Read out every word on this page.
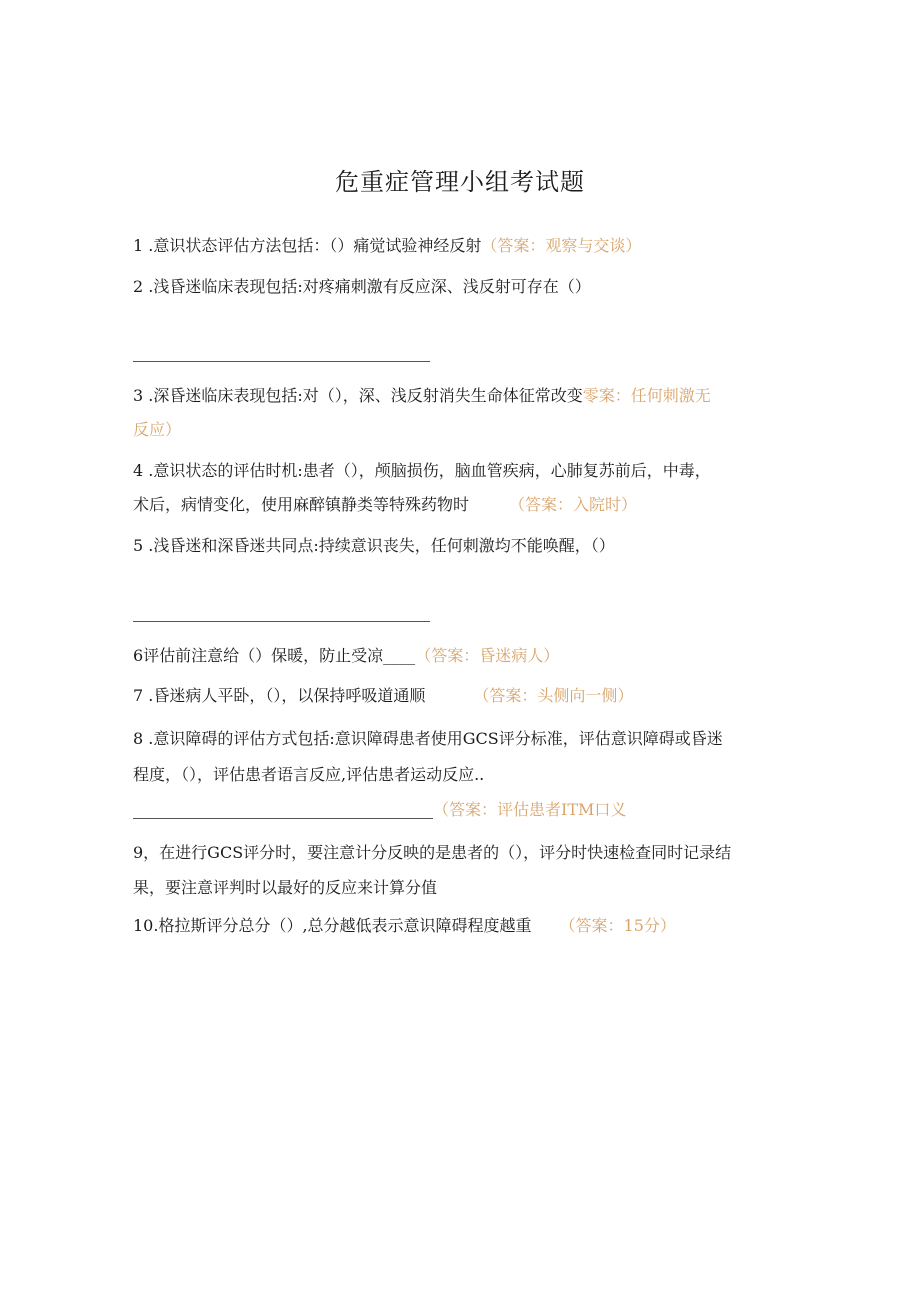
危重症管理小组考试题
1 .意识状态评估方法包括：（）痛觉试验神经反射（答案：观察与交谈）
2 .浅昏迷临床表现包括:对疼痛刺激有反应深、浅反射可存在（）
3 .深昏迷临床表现包括:对（），深、浅反射消失生命体征常改变零案：任何刺激无
反应）
4 .意识状态的评估时机:患者（），颅脑损伤，脑血管疾病，心肺复苏前后，中毒，
术后，病情变化，使用麻醉镇静类等特殊药物时	（答案：入院时）
5 .浅昏迷和深昏迷共同点:持续意识丧失，任何刺激均不能唤醒，（）
6评估前注意给（）保暖，防止受凉____（答案：昏迷病人）
7 .昏迷病人平卧，（），以保持呼吸道通顺	（答案：头侧向一侧）
8 .意识障碍的评估方式包括:意识障碍患者使用GCS评分标准，评估意识障碍或昏迷
程度，（），评估患者语言反应,评估患者运动反应..
（答案：评估患者ITM口义
9，在进行GCS评分时，要注意计分反映的是患者的（），评分时快速检查同时记录结
果，要注意评判时以最好的反应来计算分值
10.格拉斯评分总分（）,总分越低表示意识障碍程度越重 （答案：15分）
